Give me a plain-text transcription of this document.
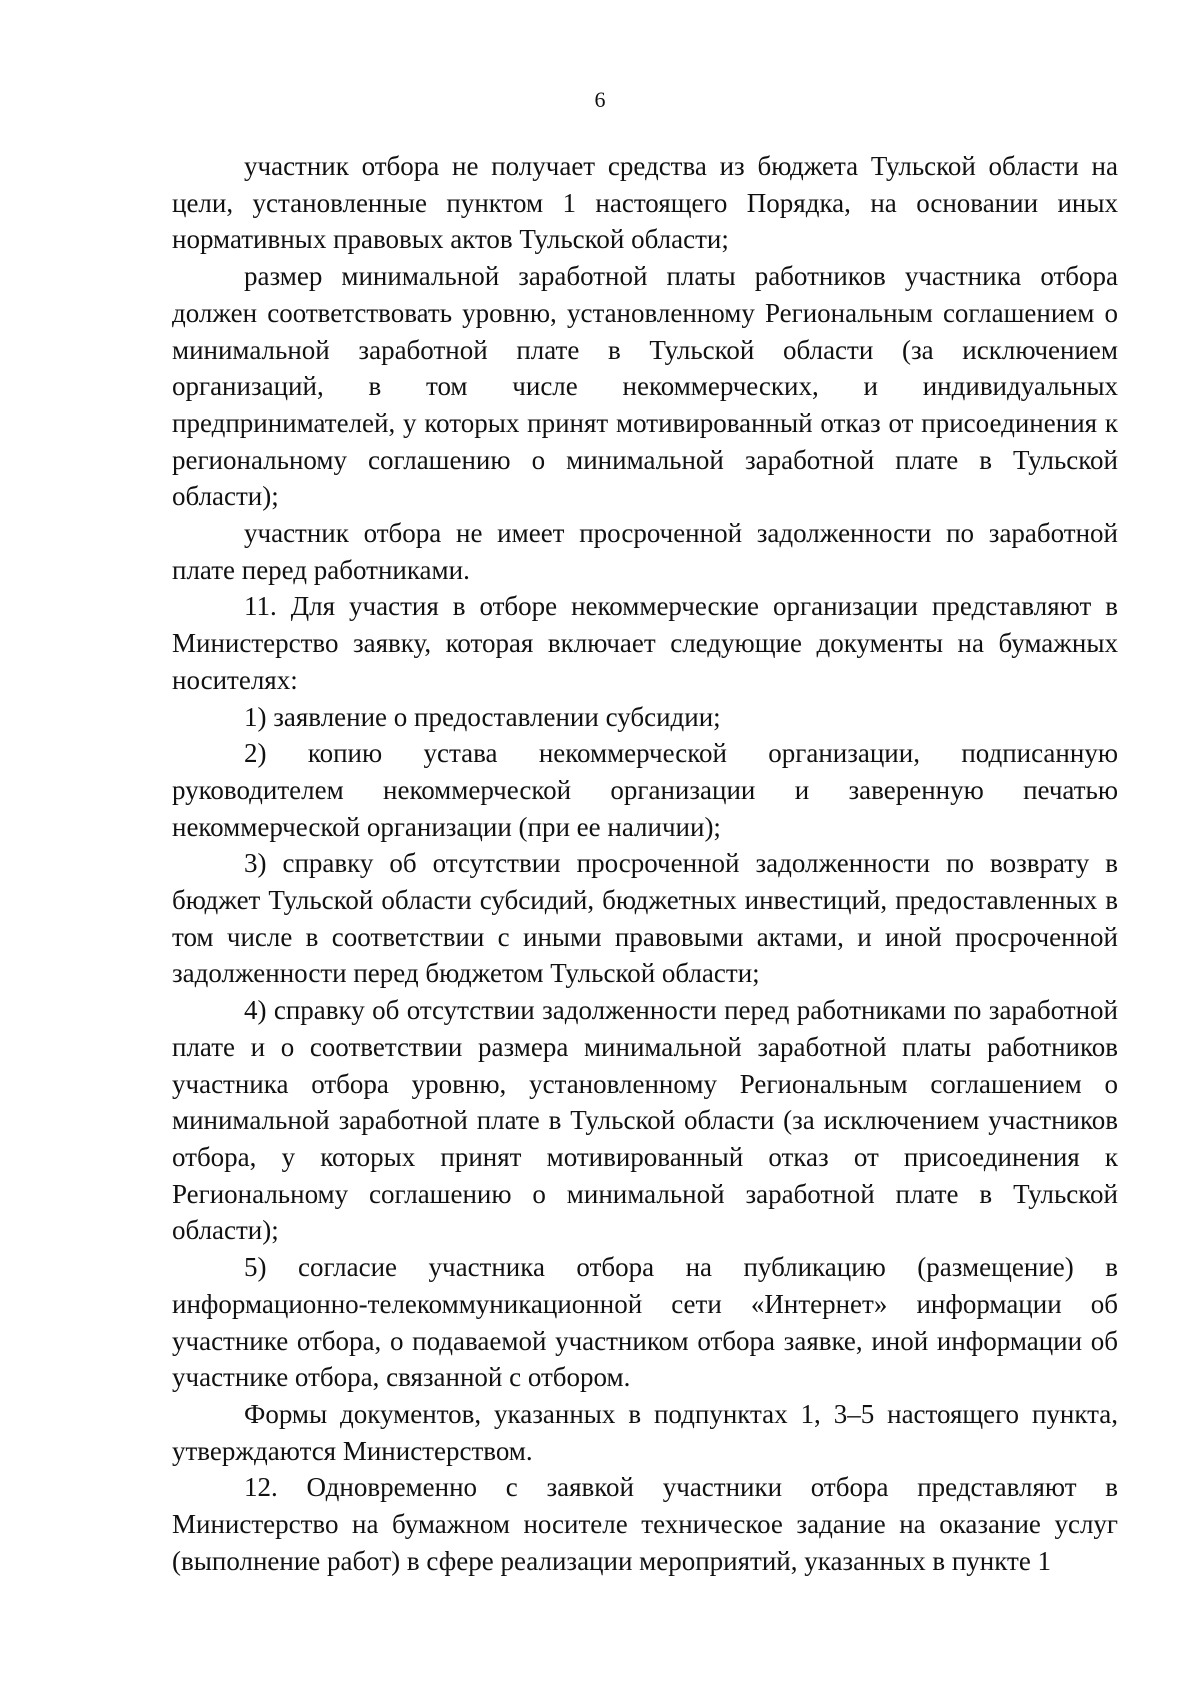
6

участник отбора не получает средства из бюджета Тульской области на цели, установленные пунктом 1 настоящего Порядка, на основании иных нормативных правовых актов Тульской области;

размер минимальной заработной платы работников участника отбора должен соответствовать уровню, установленному Региональным соглашением о минимальной заработной плате в Тульской области (за исключением организаций, в том числе некоммерческих, и индивидуальных предпринимателей, у которых принят мотивированный отказ от присоединения к региональному соглашению о минимальной заработной плате в Тульской области);

участник отбора не имеет просроченной задолженности по заработной плате перед работниками.

11. Для участия в отборе некоммерческие организации представляют в Министерство заявку, которая включает следующие документы на бумажных носителях:

1) заявление о предоставлении субсидии;

2) копию устава некоммерческой организации, подписанную руководителем некоммерческой организации и заверенную печатью некоммерческой организации (при ее наличии);

3) справку об отсутствии просроченной задолженности по возврату в бюджет Тульской области субсидий, бюджетных инвестиций, предоставленных в том числе в соответствии с иными правовыми актами, и иной просроченной задолженности перед бюджетом Тульской области;

4) справку об отсутствии задолженности перед работниками по заработной плате и о соответствии размера минимальной заработной платы работников участника отбора уровню, установленному Региональным соглашением о минимальной заработной плате в Тульской области (за исключением участников отбора, у которых принят мотивированный отказ от присоединения к Региональному соглашению о минимальной заработной плате в Тульской области);

5) согласие участника отбора на публикацию (размещение) в информационно-телекоммуникационной сети «Интернет» информации об участнике отбора, о подаваемой участником отбора заявке, иной информации об участнике отбора, связанной с отбором.

Формы документов, указанных в подпунктах 1, 3–5 настоящего пункта, утверждаются Министерством.

12. Одновременно с заявкой участники отбора представляют в Министерство на бумажном носителе техническое задание на оказание услуг (выполнение работ) в сфере реализации мероприятий, указанных в пункте 1
